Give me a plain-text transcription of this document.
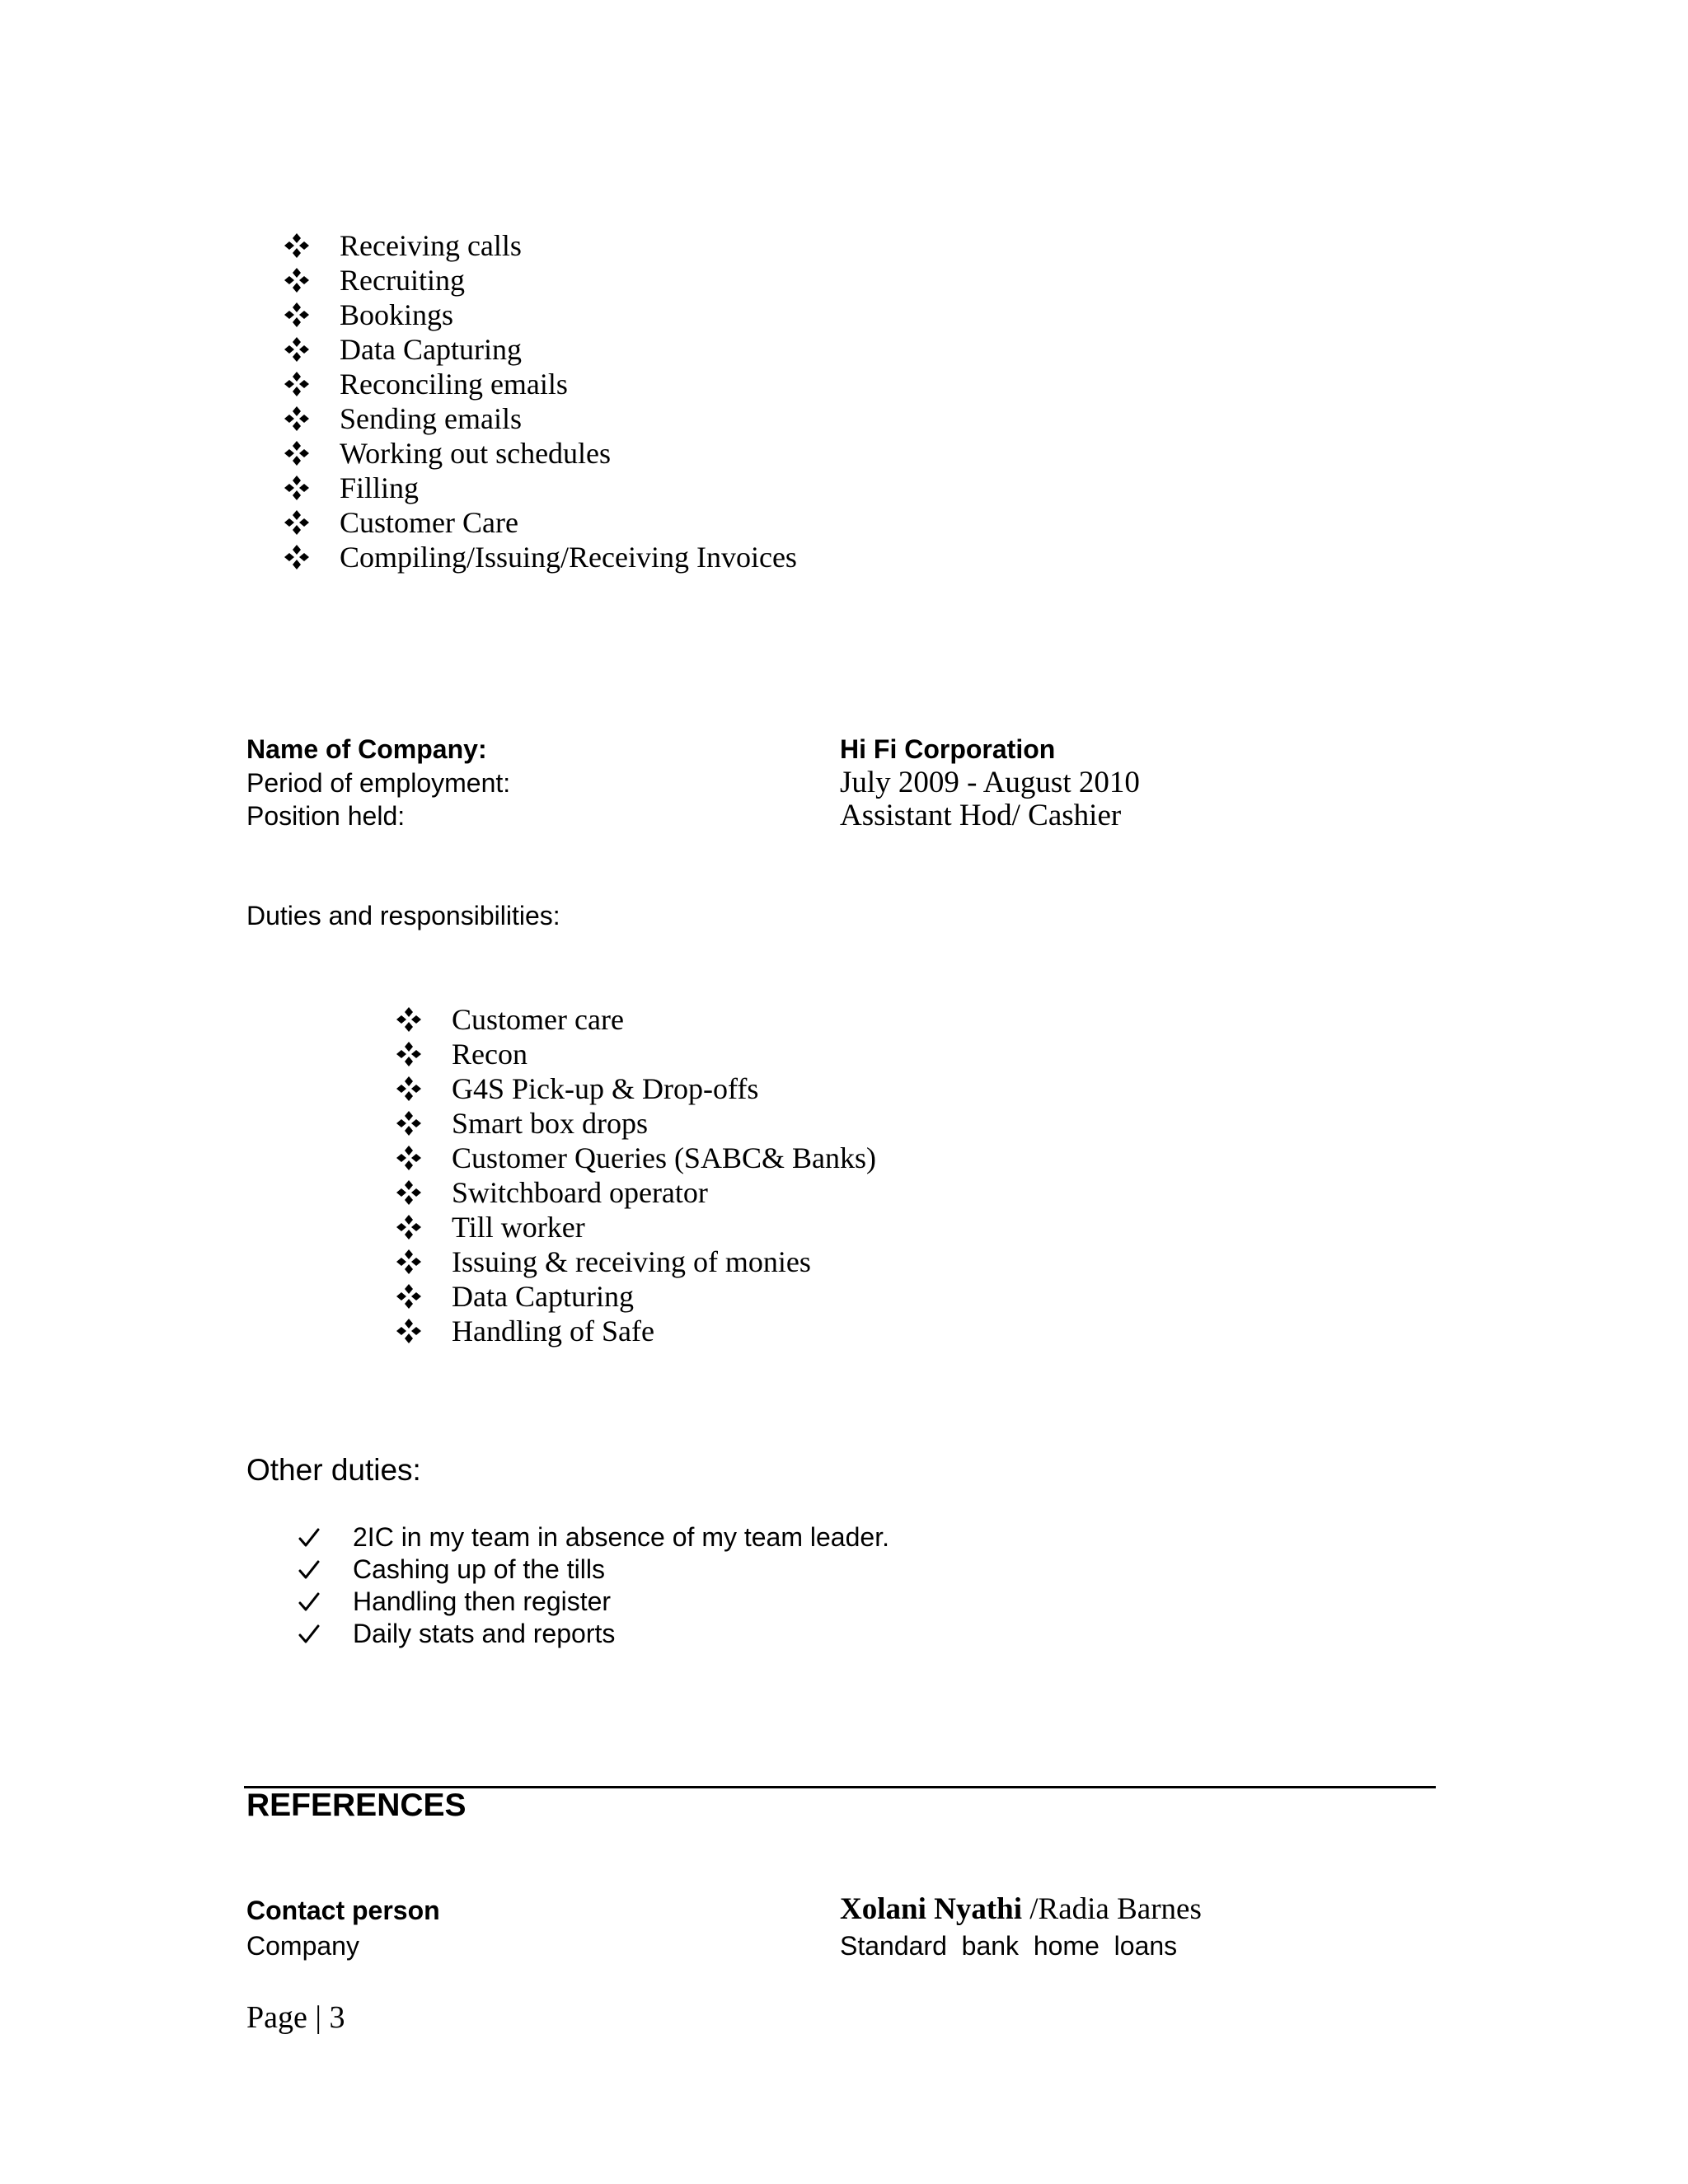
Receiving calls
Recruiting
Bookings
Data Capturing
Reconciling emails
Sending emails
Working out schedules
Filling
Customer Care
Compiling/Issuing/Receiving Invoices
Name of Company:	Hi Fi Corporation
Period of employment:	July 2009 - August 2010
Position held:	Assistant Hod/ Cashier
Duties and responsibilities:
Customer care
Recon
G4S Pick-up & Drop-offs
Smart box drops
Customer Queries (SABC& Banks)
Switchboard operator
Till worker
Issuing & receiving of monies
Data Capturing
Handling of Safe
Other duties:
2IC in my team in absence of my team leader.
Cashing up of the tills
Handling then register
Daily stats and reports
REFERENCES
Contact person	Xolani Nyathi /Radia Barnes
Company	Standard  bank  home  loans
Page | 3
